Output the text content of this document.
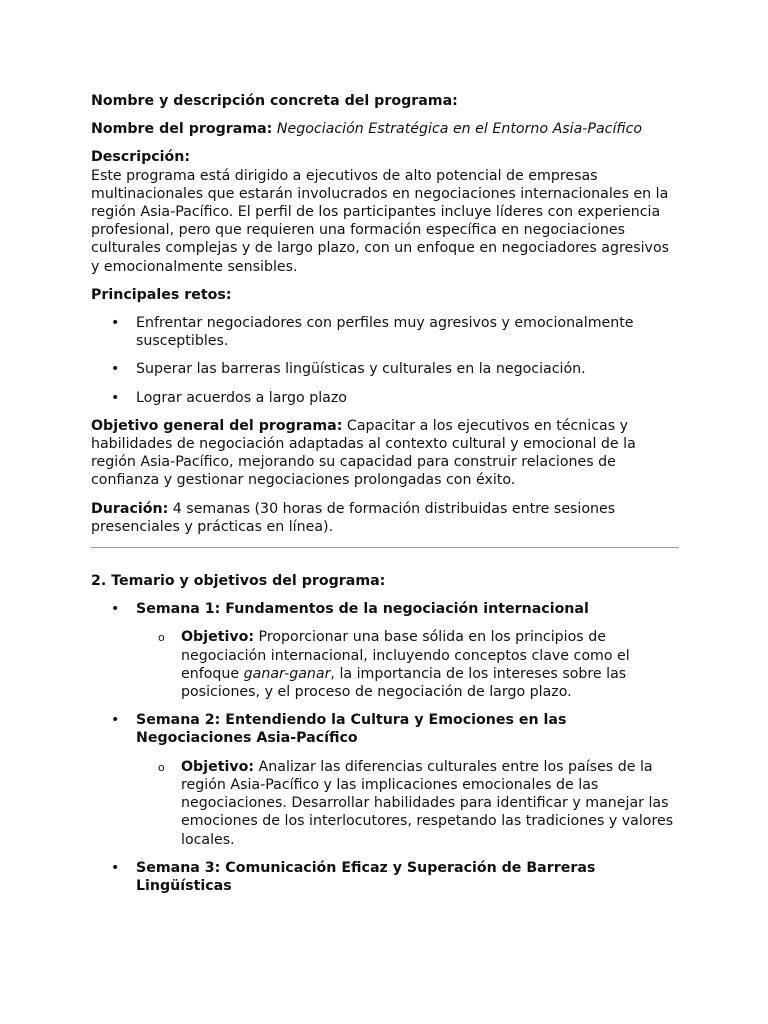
Nombre y descripción concreta del programa:

Nombre del programa: Negociación Estratégica en el Entorno Asia-Pacífico

Descripción:

Este programa está dirigido a ejecutivos de alto potencial de empresas multinacionales que estarán involucrados en negociaciones internacionales en la región Asia-Pacífico. El perfil de los participantes incluye líderes con experiencia profesional, pero que requieren una formación específica en negociaciones culturales complejas y de largo plazo, con un enfoque en negociadores agresivos y emocionalmente sensibles.

Principales retos:

• Enfrentar negociadores con perfiles muy agresivos y emocionalmente susceptibles.
• Superar las barreras lingüísticas y culturales en la negociación.
• Lograr acuerdos a largo plazo

Objetivo general del programa: Capacitar a los ejecutivos en técnicas y habilidades de negociación adaptadas al contexto cultural y emocional de la región Asia-Pacífico, mejorando su capacidad para construir relaciones de confianza y gestionar negociaciones prolongadas con éxito.

Duración: 4 semanas (30 horas de formación distribuidas entre sesiones presenciales y prácticas en línea).

2. Temario y objetivos del programa:

• Semana 1: Fundamentos de la negociación internacional
o Objetivo: Proporcionar una base sólida en los principios de negociación internacional, incluyendo conceptos clave como el enfoque ganar-ganar, la importancia de los intereses sobre las posiciones, y el proceso de negociación de largo plazo.
• Semana 2: Entendiendo la Cultura y Emociones en las Negociaciones Asia-Pacífico
o Objetivo: Analizar las diferencias culturales entre los países de la región Asia-Pacífico y las implicaciones emocionales de las negociaciones. Desarrollar habilidades para identificar y manejar las emociones de los interlocutores, respetando las tradiciones y valores locales.
• Semana 3: Comunicación Eficaz y Superación de Barreras Lingüísticas
